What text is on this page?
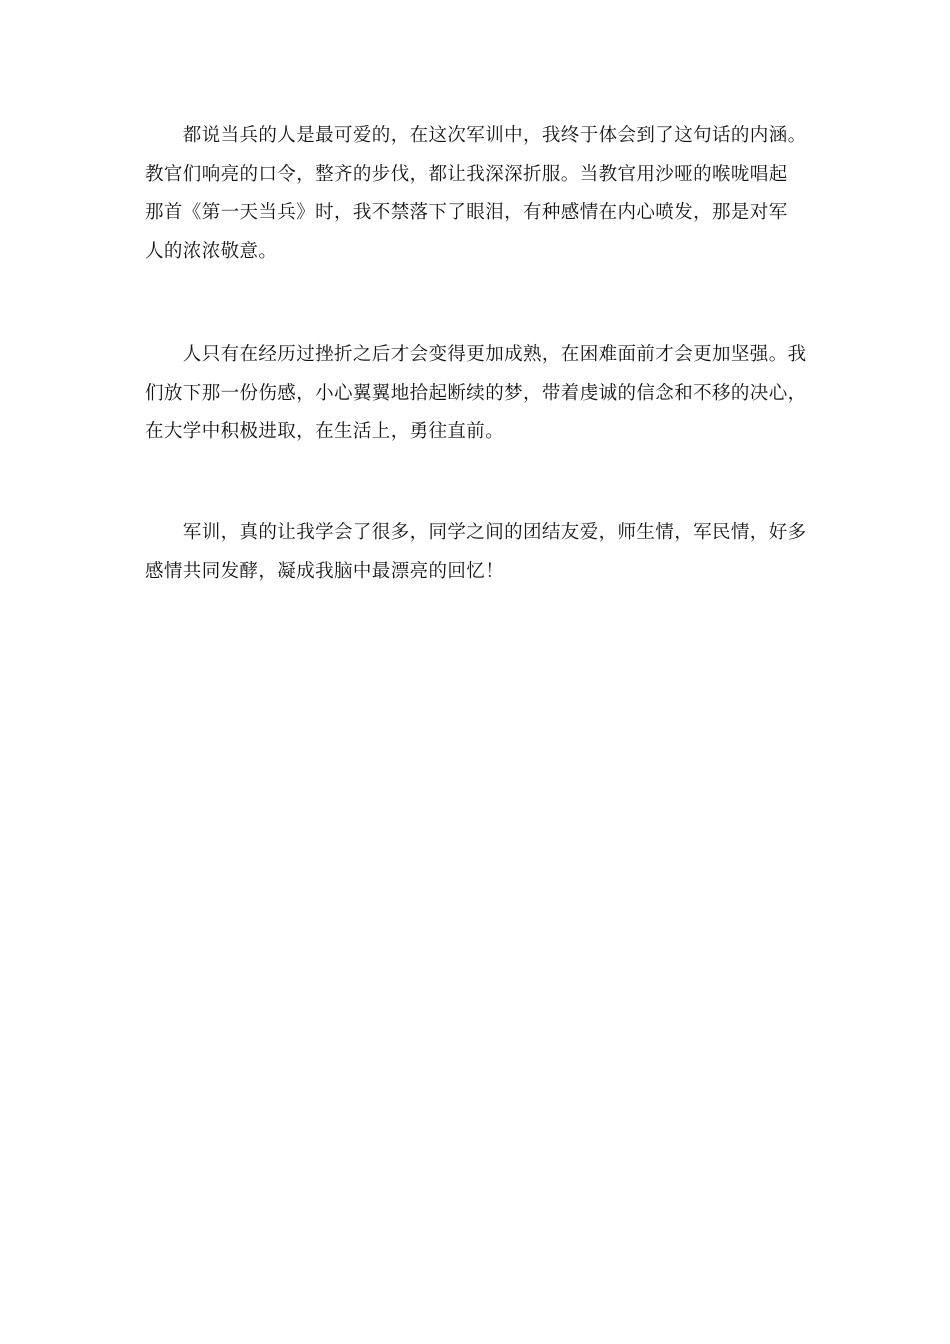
　　都说当兵的人是最可爱的，在这次军训中，我终于体会到了这句话的内涵。
教官们响亮的口令，整齐的步伐，都让我深深折服。当教官用沙哑的喉咙唱起
那首《第一天当兵》时，我不禁落下了眼泪，有种感情在内心喷发，那是对军
人的浓浓敬意。
　　人只有在经历过挫折之后才会变得更加成熟，在困难面前才会更加坚强。我
们放下那一份伤感，小心翼翼地拾起断续的梦，带着虔诚的信念和不移的决心，
在大学中积极进取，在生活上，勇往直前。
　　军训，真的让我学会了很多，同学之间的团结友爱，师生情，军民情，好多
感情共同发酵，凝成我脑中最漂亮的回忆！
